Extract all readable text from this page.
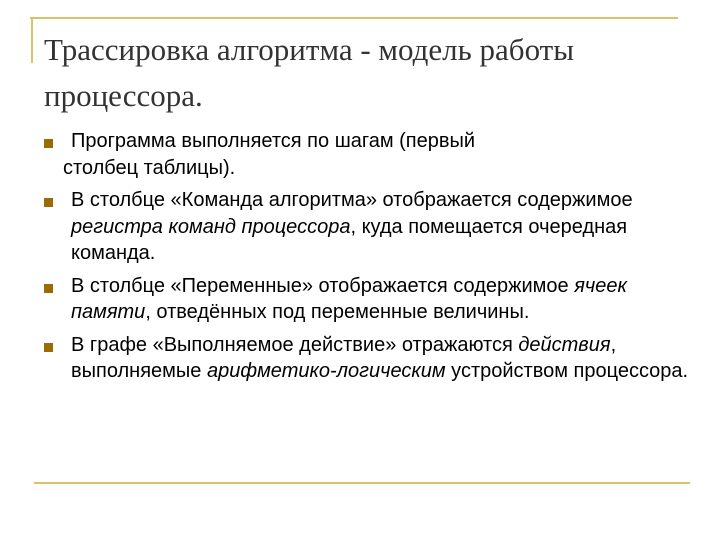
Трассировка алгоритма - модель работы процессора.
Программа выполняется по шагам (первый
столбец таблицы).
В столбце «Команда алгоритма» отображается содержимое регистра команд процессора, куда помещается очередная команда.
В столбце «Переменные» отображается содержимое ячеек памяти, отведённых под переменные величины.
В графе «Выполняемое действие» отражаются действия, выполняемые арифметико-логическим устройством процессора.
